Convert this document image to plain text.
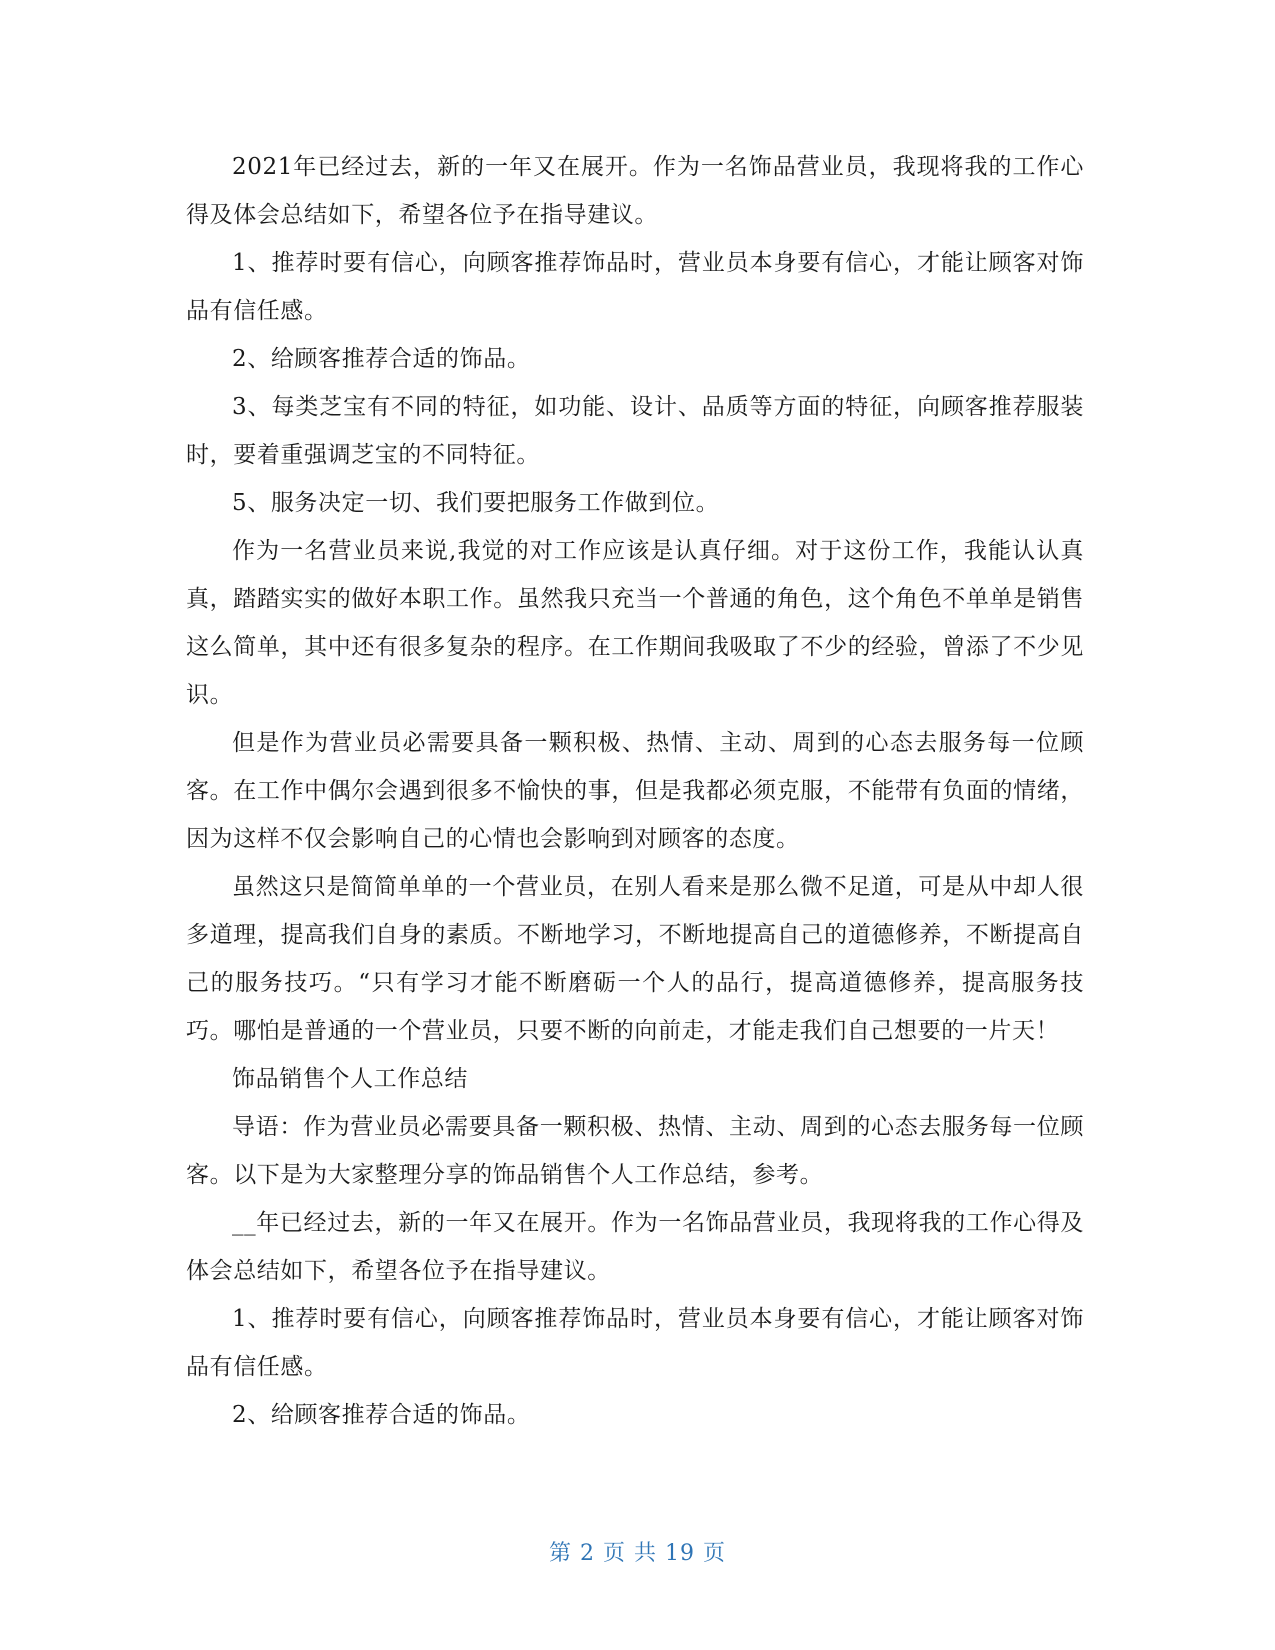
2021年已经过去，新的一年又在展开。作为一名饰品营业员，我现将我的工作心得及体会总结如下，希望各位予在指导建议。

1、推荐时要有信心，向顾客推荐饰品时，营业员本身要有信心，才能让顾客对饰品有信任感。

2、给顾客推荐合适的饰品。

3、每类芝宝有不同的特征，如功能、设计、品质等方面的特征，向顾客推荐服装时，要着重强调芝宝的不同特征。

5、服务决定一切、我们要把服务工作做到位。

作为一名营业员来说,我觉的对工作应该是认真仔细。对于这份工作，我能认认真真，踏踏实实的做好本职工作。虽然我只充当一个普通的角色，这个角色不单单是销售这么简单，其中还有很多复杂的程序。在工作期间我吸取了不少的经验，曾添了不少见识。

但是作为营业员必需要具备一颗积极、热情、主动、周到的心态去服务每一位顾客。在工作中偶尔会遇到很多不愉快的事，但是我都必须克服，不能带有负面的情绪，因为这样不仅会影响自己的心情也会影响到对顾客的态度。

虽然这只是简简单单的一个营业员，在别人看来是那么微不足道，可是从中却人很多道理，提高我们自身的素质。不断地学习，不断地提高自己的道德修养，不断提高自己的服务技巧。“只有学习才能不断磨砺一个人的品行，提高道德修养，提高服务技巧。哪怕是普通的一个营业员，只要不断的向前走，才能走我们自己想要的一片天！

饰品销售个人工作总结

导语：作为营业员必需要具备一颗积极、热情、主动、周到的心态去服务每一位顾客。以下是为大家整理分享的饰品销售个人工作总结，参考。

__年已经过去，新的一年又在展开。作为一名饰品营业员，我现将我的工作心得及体会总结如下，希望各位予在指导建议。

1、推荐时要有信心，向顾客推荐饰品时，营业员本身要有信心，才能让顾客对饰品有信任感。

2、给顾客推荐合适的饰品。

第 2 页 共 19 页
